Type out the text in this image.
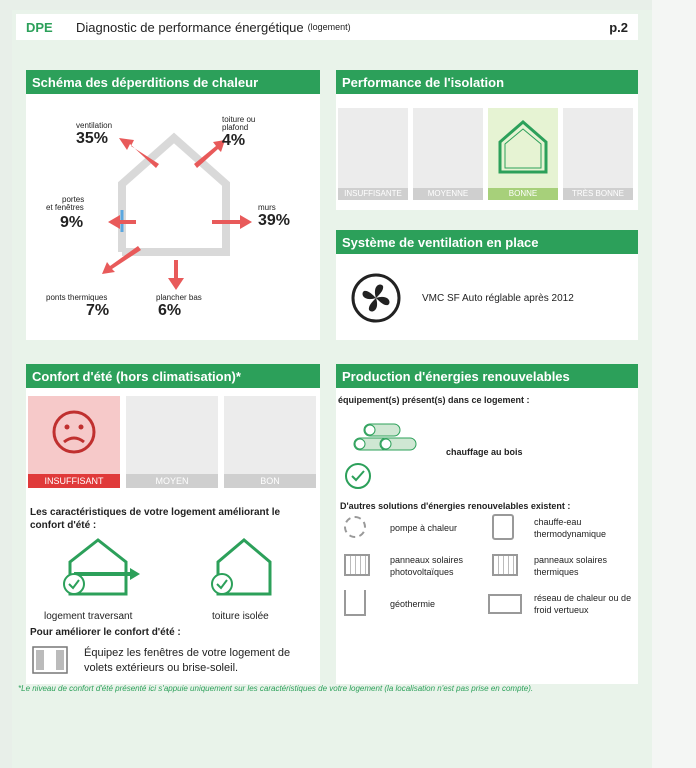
DPE	Diagnostic de performance énergétique (logement)	p.2
Schéma des déperditions de chaleur
ventilation
35%
toiture ou
plafond
4%
portes
et fenêtres
9%
murs
39%
ponts thermiques
7%
plancher bas
6%
Performance de l'isolation
INSUFFISANTE	MOYENNE	BONNE	TRÈS BONNE
Système de ventilation en place
VMC SF Auto réglable après 2012
Confort d'été (hors climatisation)*
INSUFFISANT	MOYEN	BON
Les caractéristiques de votre logement améliorant le confort d'été :
logement traversant	toiture isolée
Pour améliorer le confort d'été :
Équipez les fenêtres de votre logement de volets extérieurs ou brise-soleil.
Production d'énergies renouvelables
équipement(s) présent(s) dans ce logement :
chauffage au bois
D'autres solutions d'énergies renouvelables existent :
pompe à chaleur
chauffe-eau thermodynamique
panneaux solaires photovoltaïques
panneaux solaires thermiques
géothermie
réseau de chaleur ou de froid vertueux
*Le niveau de confort d'été présenté ici s'appuie uniquement sur les caractéristiques de votre logement (la localisation n'est pas prise en compte).
